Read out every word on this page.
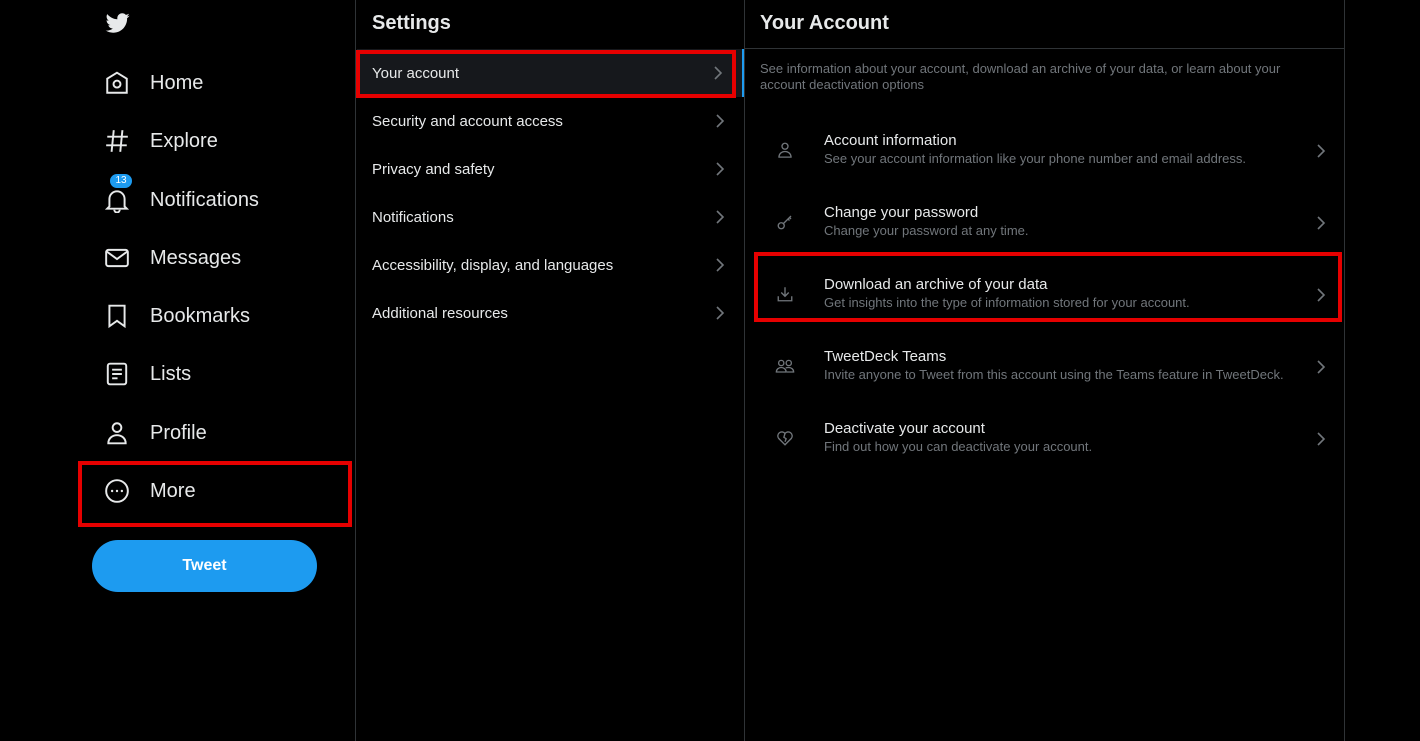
Home
Explore
13
Notifications
Messages
Bookmarks
Lists
Profile
More
Tweet
Settings
Your account
Security and account access
Privacy and safety
Notifications
Accessibility, display, and languages
Additional resources
Your Account
See information about your account, download an archive of your data, or learn about your account deactivation options
Account information
See your account information like your phone number and email address.
Change your password
Change your password at any time.
Download an archive of your data
Get insights into the type of information stored for your account.
TweetDeck Teams
Invite anyone to Tweet from this account using the Teams feature in TweetDeck.
Deactivate your account
Find out how you can deactivate your account.
